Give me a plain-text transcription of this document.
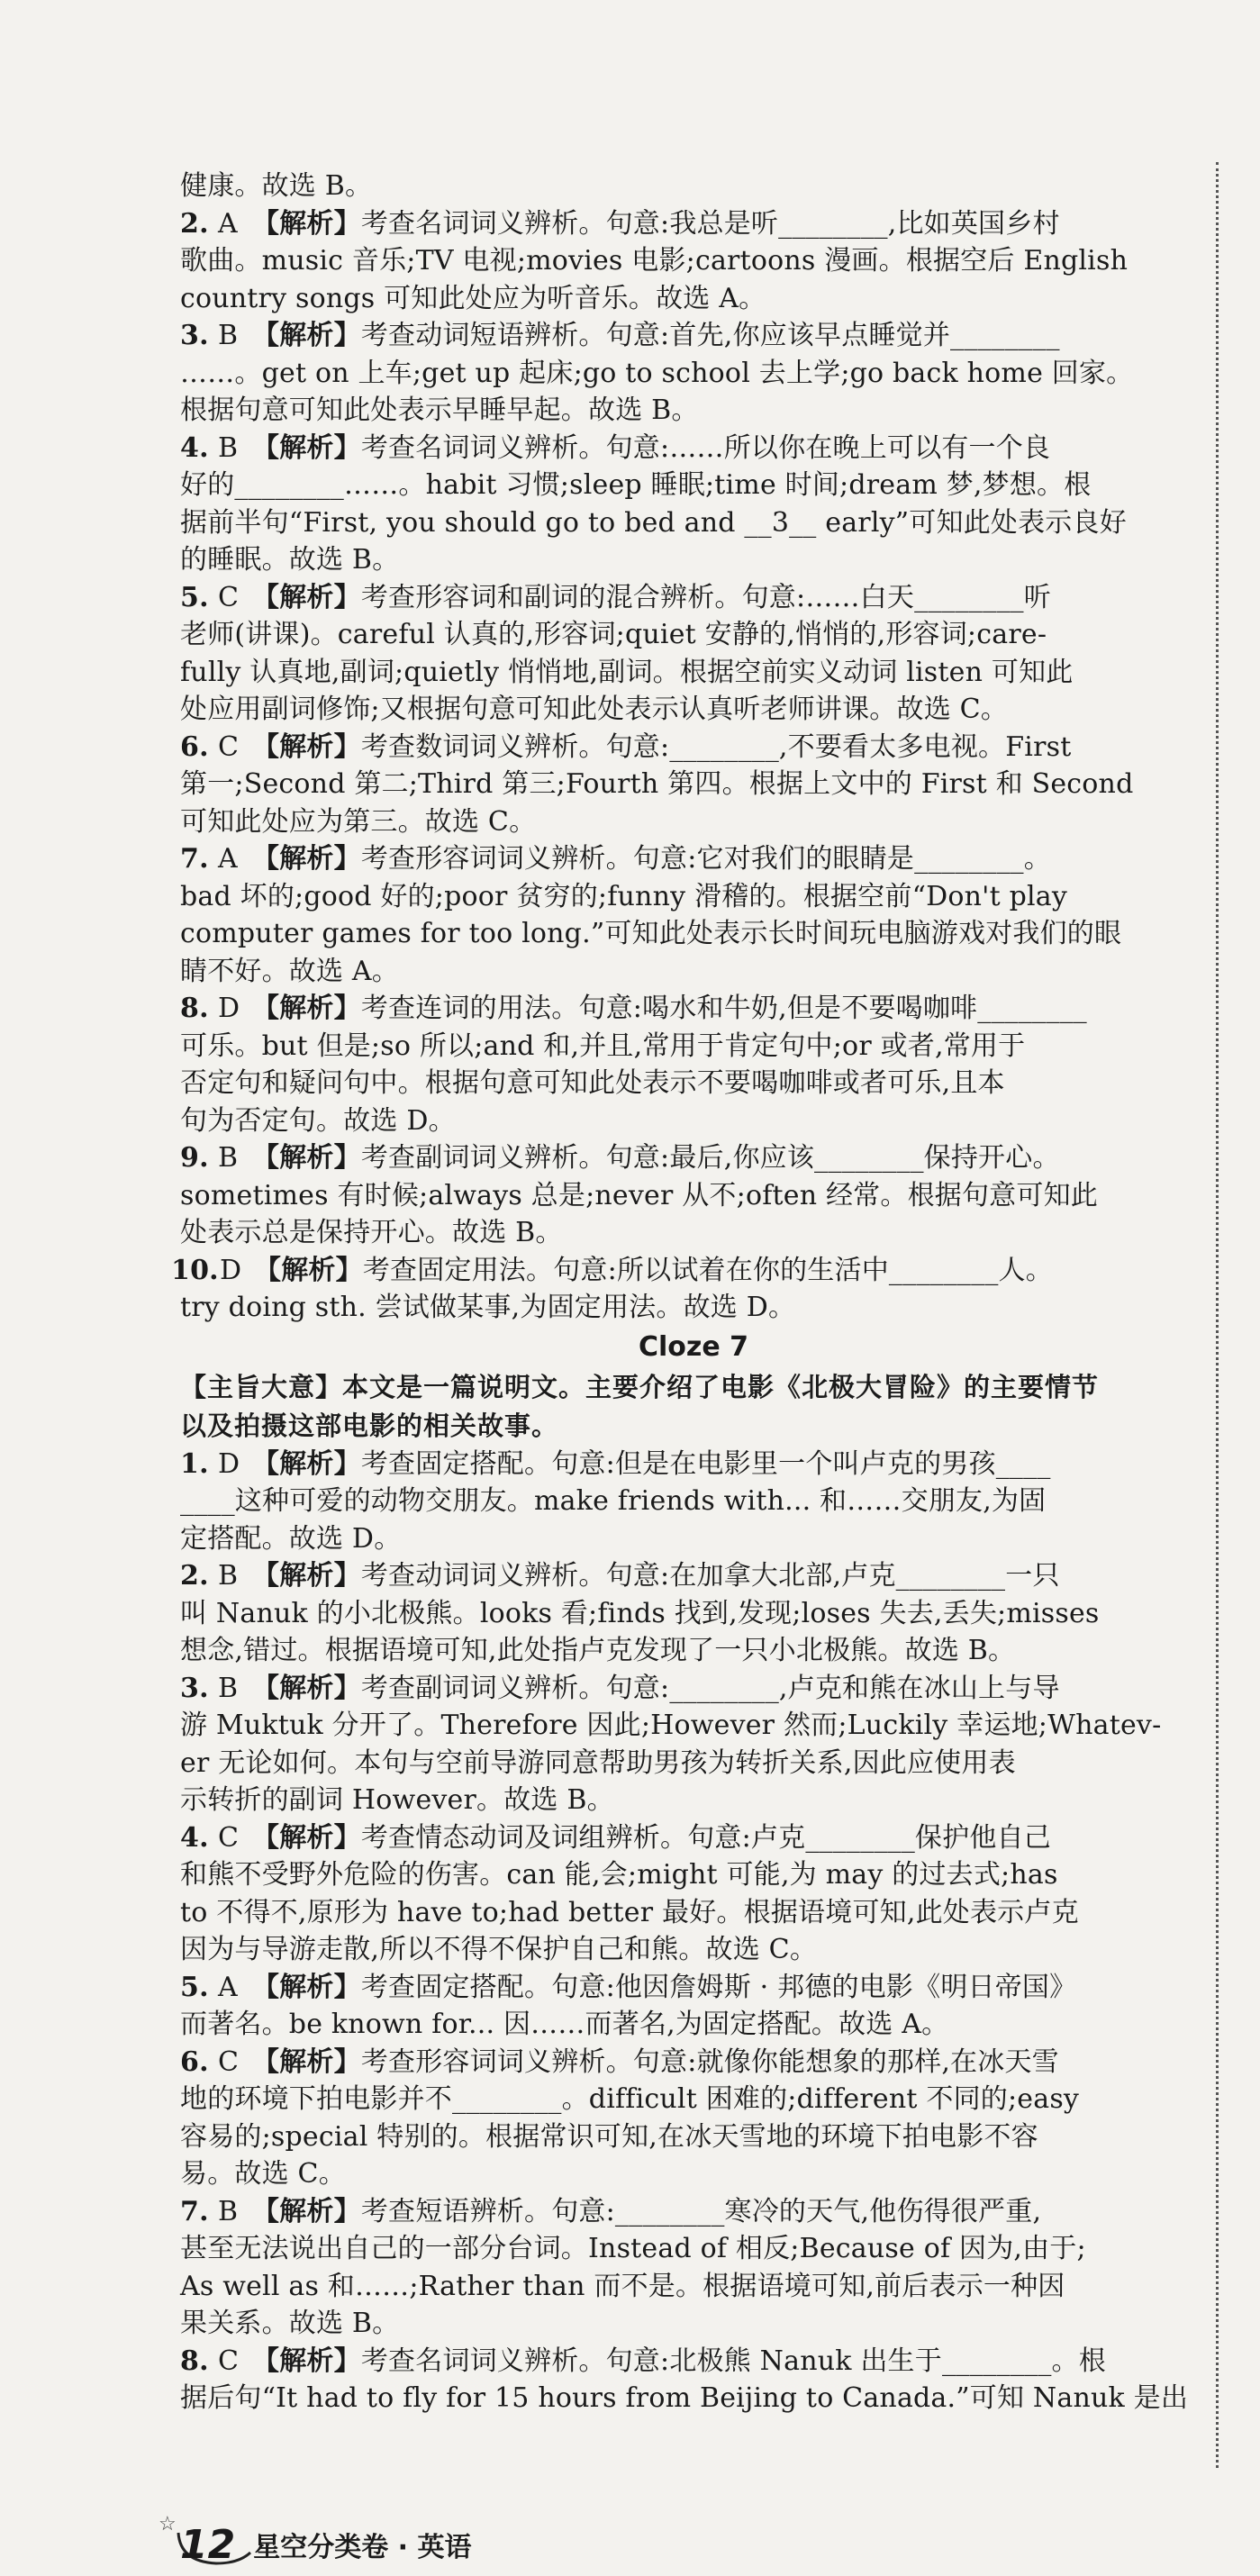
健康。故选 B。
2. A 【解析】考查名词词义辨析。句意:我总是听________,比如英国乡村
歌曲。music 音乐;TV 电视;movies 电影;cartoons 漫画。根据空后 English
country songs 可知此处应为听音乐。故选 A。
3. B 【解析】考查动词短语辨析。句意:首先,你应该早点睡觉并________
……。get on 上车;get up 起床;go to school 去上学;go back home 回家。
根据句意可知此处表示早睡早起。故选 B。
4. B 【解析】考查名词词义辨析。句意:……所以你在晚上可以有一个良
好的________……。habit 习惯;sleep 睡眠;time 时间;dream 梦,梦想。根
据前半句“First, you should go to bed and __3__ early”可知此处表示良好
的睡眠。故选 B。
5. C 【解析】考查形容词和副词的混合辨析。句意:……白天________听
老师(讲课)。careful 认真的,形容词;quiet 安静的,悄悄的,形容词;care-
fully 认真地,副词;quietly 悄悄地,副词。根据空前实义动词 listen 可知此
处应用副词修饰;又根据句意可知此处表示认真听老师讲课。故选 C。
6. C 【解析】考查数词词义辨析。句意:________,不要看太多电视。First
第一;Second 第二;Third 第三;Fourth 第四。根据上文中的 First 和 Second
可知此处应为第三。故选 C。
7. A 【解析】考查形容词词义辨析。句意:它对我们的眼睛是________。
bad 坏的;good 好的;poor 贫穷的;funny 滑稽的。根据空前“Don't play
computer games for too long.”可知此处表示长时间玩电脑游戏对我们的眼
睛不好。故选 A。
8. D 【解析】考查连词的用法。句意:喝水和牛奶,但是不要喝咖啡________
可乐。but 但是;so 所以;and 和,并且,常用于肯定句中;or 或者,常用于
否定句和疑问句中。根据句意可知此处表示不要喝咖啡或者可乐,且本
句为否定句。故选 D。
9. B 【解析】考查副词词义辨析。句意:最后,你应该________保持开心。
sometimes 有时候;always 总是;never 从不;often 经常。根据句意可知此
处表示总是保持开心。故选 B。
10.D 【解析】考查固定用法。句意:所以试着在你的生活中________人。
try doing sth. 尝试做某事,为固定用法。故选 D。
Cloze 7
【主旨大意】本文是一篇说明文。主要介绍了电影《北极大冒险》的主要情节
以及拍摄这部电影的相关故事。
1. D 【解析】考查固定搭配。句意:但是在电影里一个叫卢克的男孩____
____这种可爱的动物交朋友。make friends with... 和……交朋友,为固
定搭配。故选 D。
2. B 【解析】考查动词词义辨析。句意:在加拿大北部,卢克________一只
叫 Nanuk 的小北极熊。looks 看;finds 找到,发现;loses 失去,丢失;misses
想念,错过。根据语境可知,此处指卢克发现了一只小北极熊。故选 B。
3. B 【解析】考查副词词义辨析。句意:________,卢克和熊在冰山上与导
游 Muktuk 分开了。Therefore 因此;However 然而;Luckily 幸运地;Whatev-
er 无论如何。本句与空前导游同意帮助男孩为转折关系,因此应使用表
示转折的副词 However。故选 B。
4. C 【解析】考查情态动词及词组辨析。句意:卢克________保护他自己
和熊不受野外危险的伤害。can 能,会;might 可能,为 may 的过去式;has
to 不得不,原形为 have to;had better 最好。根据语境可知,此处表示卢克
因为与导游走散,所以不得不保护自己和熊。故选 C。
5. A 【解析】考查固定搭配。句意:他因詹姆斯 · 邦德的电影《明日帝国》
而著名。be known for... 因……而著名,为固定搭配。故选 A。
6. C 【解析】考查形容词词义辨析。句意:就像你能想象的那样,在冰天雪
地的环境下拍电影并不________。difficult 困难的;different 不同的;easy
容易的;special 特别的。根据常识可知,在冰天雪地的环境下拍电影不容
易。故选 C。
7. B 【解析】考查短语辨析。句意:________寒冷的天气,他伤得很严重,
甚至无法说出自己的一部分台词。Instead of 相反;Because of 因为,由于;
As well as 和……;Rather than 而不是。根据语境可知,前后表示一种因
果关系。故选 B。
8. C 【解析】考查名词词义辨析。句意:北极熊 Nanuk 出生于________。根
据后句“It had to fly for 15 hours from Beijing to Canada.”可知 Nanuk 是出
☆ 12 星空分类卷 · 英语
